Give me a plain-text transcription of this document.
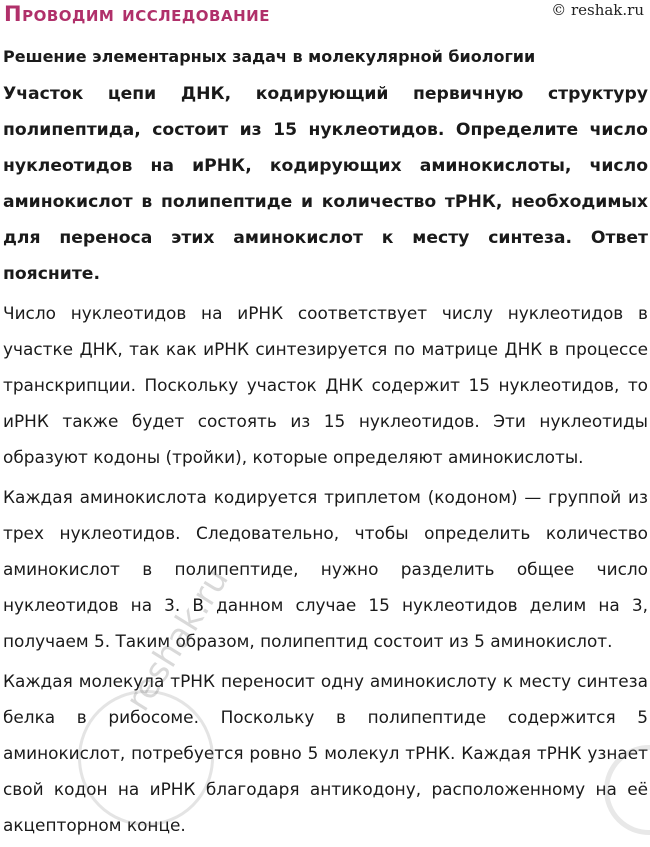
Проводим исследование	© reshak.ru
Решение элементарных задач в молекулярной биологии

Участок цепи ДНК, кодирующий первичную структуру полипептида, состоит из 15 нуклеотидов. Определите число нуклеотидов на иРНК, кодирующих аминокислоты, число аминокислот в полипептиде и количество тРНК, необходимых для переноса этих аминокислот к месту синтеза. Ответ поясните.

Число нуклеотидов на иРНК соответствует числу нуклеотидов в участке ДНК, так как иРНК синтезируется по матрице ДНК в процессе транскрипции. Поскольку участок ДНК содержит 15 нуклеотидов, то иРНК также будет состоять из 15 нуклеотидов. Эти нуклеотиды образуют кодоны (тройки), которые определяют аминокислоты.

Каждая аминокислота кодируется триплетом (кодоном) — группой из трех нуклеотидов. Следовательно, чтобы определить количество аминокислот в полипептиде, нужно разделить общее число нуклеотидов на 3. В данном случае 15 нуклеотидов делим на 3, получаем 5. Таким образом, полипептид состоит из 5 аминокислот.

Каждая молекула тРНК переносит одну аминокислоту к месту синтеза белка в рибосоме. Поскольку в полипептиде содержится 5 аминокислот, потребуется ровно 5 молекул тРНК. Каждая тРНК узнает свой кодон на иРНК благодаря антикодону, расположенному на её акцепторном конце.

reshak.ru
